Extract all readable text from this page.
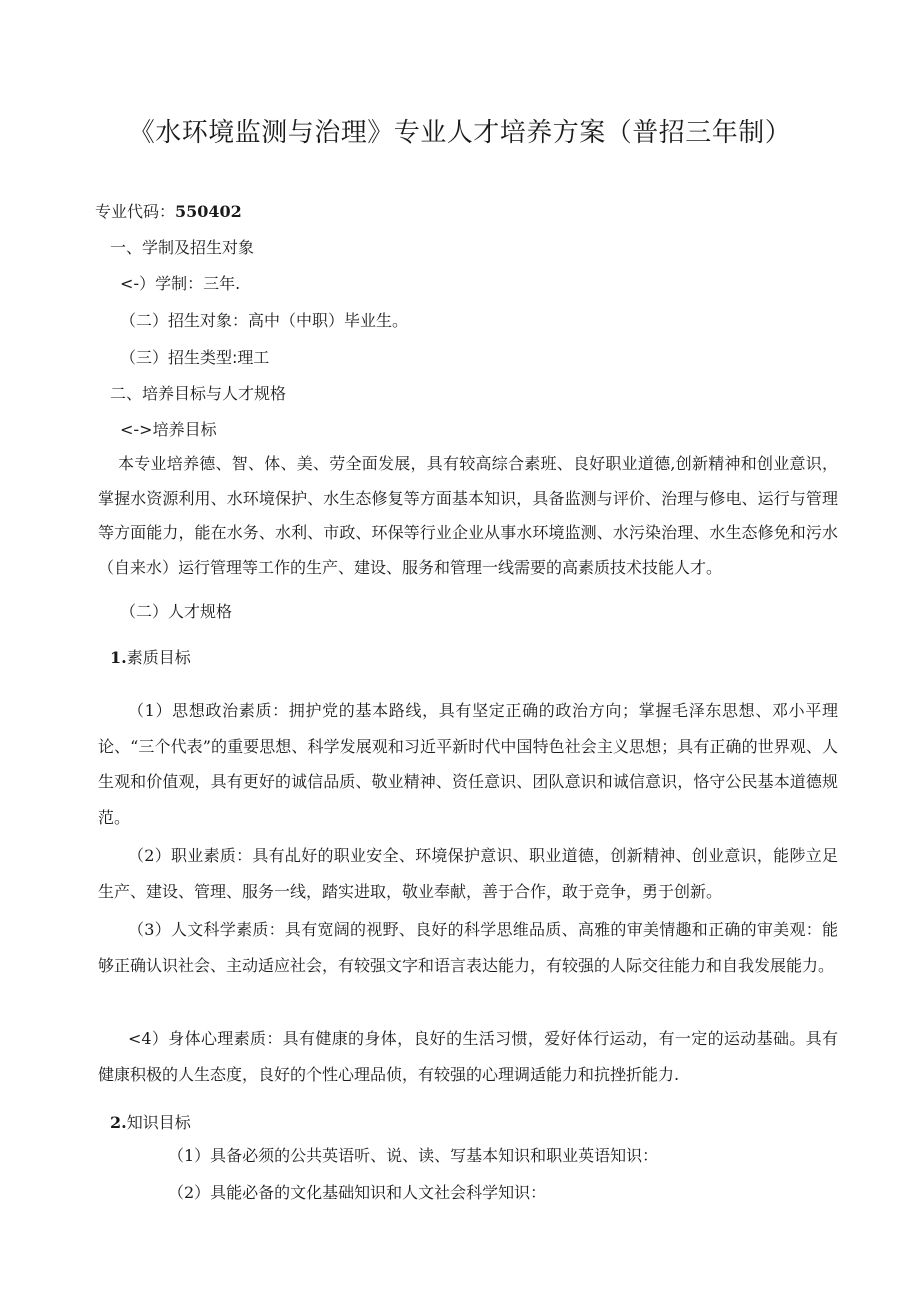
《水环境监测与治理》专业人才培养方案（普招三年制）
专业代码：550402
一、学制及招生对象
<-）学制：三年.
（二）招生对象：高中（中职）毕业生。
（三）招生类型:理工
二、培养目标与人才规格
<->培养目标
本专业培养德、智、体、美、劳全面发展，具有较高综合素班、良好职业道德,创新精神和创业意识，掌握水资源利用、水环境保护、水生态修复等方面基本知识，具备监测与评价、治理与修电、运行与管理等方面能力，能在水务、水利、市政、环保等行业企业从事水环境监测、水污染治理、水生态修免和污水（自来水）运行管理等工作的生产、建设、服务和管理一线需要的高素质技术技能人才。
（二）人才规格
1.素质目标
（1）思想政治素质：拥护党的基本路线，具有坚定正确的政治方向；掌握毛泽东思想、邓小平理论、“三个代表”的重要思想、科学发展观和习近平新时代中国特色社会主义思想；具有正确的世界观、人生观和价值观，具有更好的诚信品质、敬业精神、资任意识、团队意识和诚信意识，恪守公民基本道德规范。
（2）职业素质：具有乩好的职业安全、环境保护意识、职业道德，创新精神、创业意识，能陟立足生产、建设、管理、服务一线，踏实进取，敬业奉献，善于合作，敢于竞争，勇于创新。
（3）人文科学素质：具有宽阔的视野、良好的科学思维品质、高雅的审美情趣和正确的审美观：能够正确认识社会、主动适应社会，有较强文字和语言表达能力，有较强的人际交往能力和自我发展能力。
<4）身体心理素质：具有健康的身体，良好的生活习惯，爱好体行运动，有一定的运动基础。具有健康积极的人生态度，良好的个性心理品侦，有较强的心理调适能力和抗挫折能力.
2.知识目标
（1）具备必须的公共英语听、说、读、写基本知识和职业英语知识：
（2）具能必备的文化基础知识和人文社会科学知识：
